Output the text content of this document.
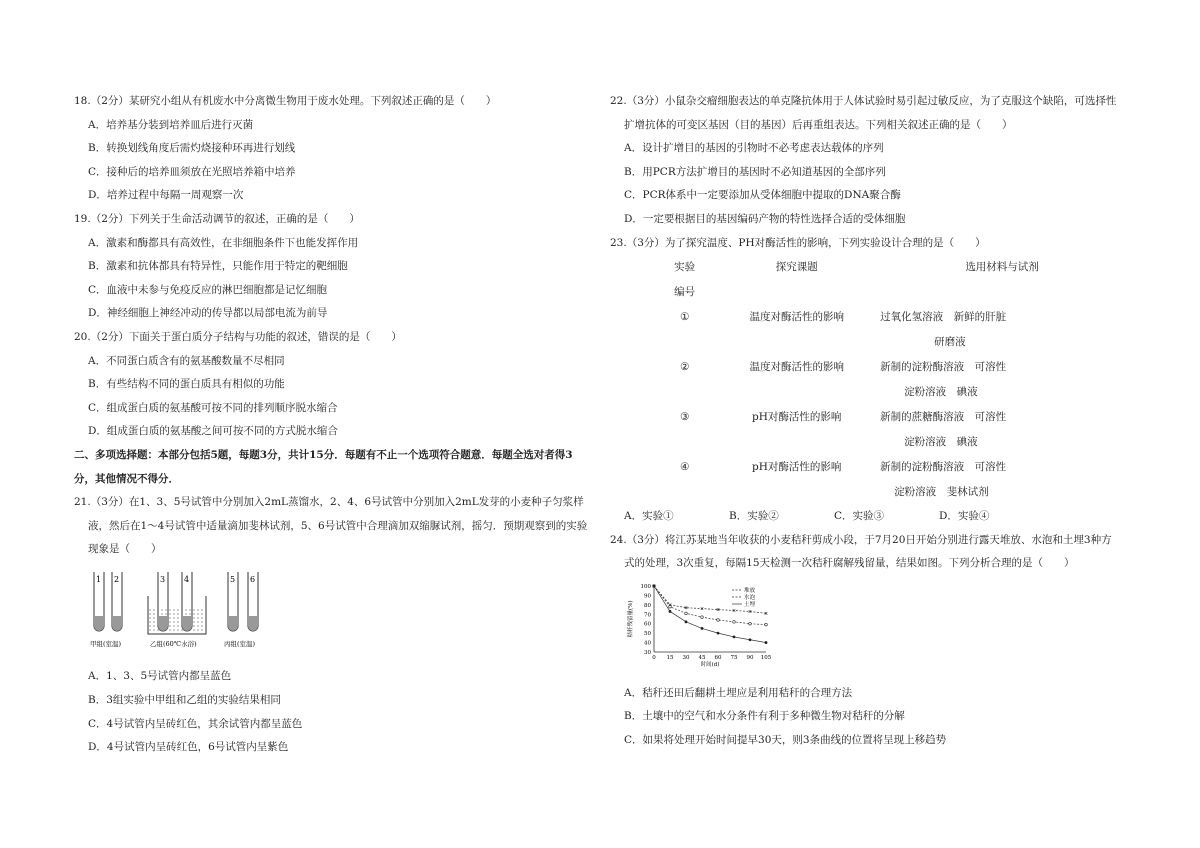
18.（2分）某研究小组从有机废水中分离微生物用于废水处理。下列叙述正确的是（　　）

A．培养基分装到培养皿后进行灭菌

B．转换划线角度后需灼烧接种环再进行划线

C．接种后的培养皿须放在光照培养箱中培养

D．培养过程中每隔一周观察一次

19.（2分）下列关于生命活动调节的叙述，正确的是（　　）

A．激素和酶都具有高效性，在非细胞条件下也能发挥作用

B．激素和抗体都具有特异性，只能作用于特定的靶细胞

C．血液中未参与免疫反应的淋巴细胞都是记忆细胞

D．神经细胞上神经冲动的传导都以局部电流为前导

20.（2分）下面关于蛋白质分子结构与功能的叙述，错误的是（　　）

A．不同蛋白质含有的氨基酸数量不尽相同

B．有些结构不同的蛋白质具有相似的功能

C．组成蛋白质的氨基酸可按不同的排列顺序脱水缩合

D．组成蛋白质的氨基酸之间可按不同的方式脱水缩合

二、多项选择题：本部分包括5题，每题3分，共计15分．每题有不止一个选项符合题意．每题全选对者得3

分，其他情况不得分．

21.（3分）在1、3、5号试管中分别加入2mL蒸馏水，2、4、6号试管中分别加入2mL发芽的小麦种子匀浆样

液，然后在1～4号试管中适量滴加斐林试剂，5、6号试管中合理滴加双缩脲试剂，摇匀．预期观察到的实验

现象是（　　）

1 2	3 4	5 6
甲组(室温)	乙组(60℃水浴)	丙组(室温)

A．1、3、5号试管内都呈蓝色

B．3组实验中甲组和乙组的实验结果相同

C．4号试管内呈砖红色，其余试管内都呈蓝色

D．4号试管内呈砖红色，6号试管内呈紫色

22.（3分）小鼠杂交瘤细胞表达的单克隆抗体用于人体试验时易引起过敏反应，为了克服这个缺陷，可选择性

扩增抗体的可变区基因（目的基因）后再重组表达。下列相关叙述正确的是（　　）

A．设计扩增目的基因的引物时不必考虑表达载体的序列

B．用PCR方法扩增目的基因时不必知道基因的全部序列

C．PCR体系中一定要添加从受体细胞中提取的DNA聚合酶

D．一定要根据目的基因编码产物的特性选择合适的受体细胞

23.（3分）为了探究温度、PH对酶活性的影响，下列实验设计合理的是（　　）

实验	探究课题	选用材料与试剂
编号		
①	温度对酶活性的影响	过氧化氢溶液　新鲜的肝脏
		研磨液
②	温度对酶活性的影响	新制的淀粉酶溶液　可溶性
		淀粉溶液　碘液
③	pH对酶活性的影响	新制的蔗糖酶溶液　可溶性
		淀粉溶液　碘液
④	pH对酶活性的影响	新制的淀粉酶溶液　可溶性
		淀粉溶液　斐林试剂
A．实验①	B．实验②	C．实验③	D．实验④

24.（3分）将江苏某地当年收获的小麦秸秆剪成小段，于7月20日开始分别进行露天堆放、水泡和土埋3种方

式的处理，3次重复，每隔15天检测一次秸秆腐解残留量，结果如图。下列分析合理的是（　　）

30
40
50
60
70
80
90
100
0 15 30 45 60 75 90 105
时间(d)
秸秆残留量(%)
堆放
水泡
土埋

A．秸秆还田后翻耕土埋应是利用秸秆的合理方法

B．土壤中的空气和水分条件有利于多种微生物对秸秆的分解

C．如果将处理开始时间提早30天，则3条曲线的位置将呈现上移趋势
